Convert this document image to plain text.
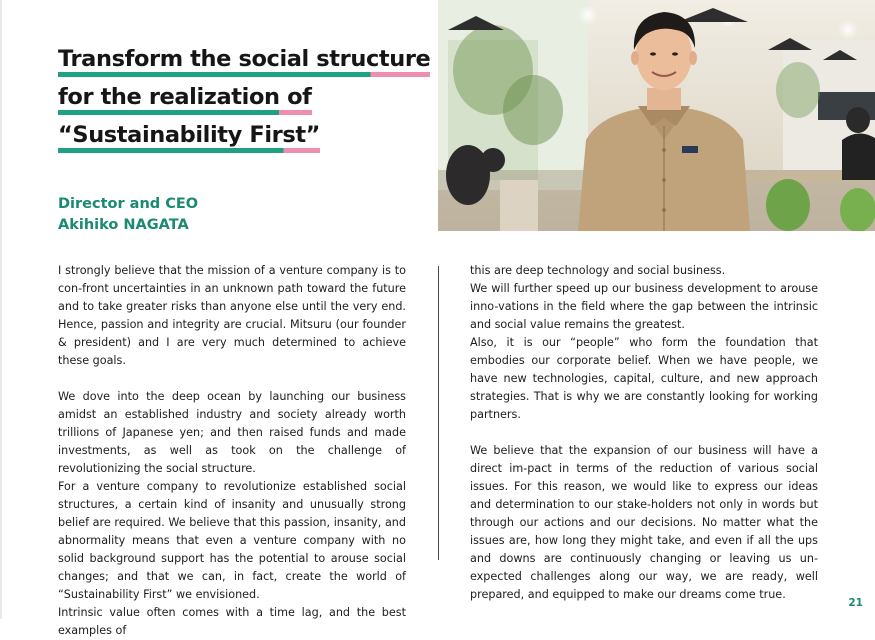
Transform the social structure
for the realization of
“Sustainability First”
Director and CEO
Akihiko NAGATA

I strongly believe that the mission of a venture company is to con-front uncertainties in an unknown path toward the future and to take greater risks than anyone else until the very end. Hence, passion and integrity are crucial. Mitsuru (our founder & president) and I are very much determined to achieve these goals.

We dove into the deep ocean by launching our business amidst an established industry and society already worth trillions of Japanese yen; and then raised funds and made investments, as well as took on the challenge of revolutionizing the social structure.

For a venture company to revolutionize established social structures, a certain kind of insanity and unusually strong belief are required. We believe that this passion, insanity, and abnormality means that even a venture company with no solid background support has the potential to arouse social changes; and that we can, in fact, create the world of “Sustainability First” we envisioned.

Intrinsic value often comes with a time lag, and the best examples of

this are deep technology and social business.

We will further speed up our business development to arouse inno-vations in the field where the gap between the intrinsic and social value remains the greatest.

Also, it is our “people” who form the foundation that embodies our corporate belief. When we have people, we have new technologies, capital, culture, and new approach strategies. That is why we are constantly looking for working partners.

We believe that the expansion of our business will have a direct im-pact in terms of the reduction of various social issues. For this reason, we would like to express our ideas and determination to our stake-holders not only in words but through our actions and our decisions. No matter what the issues are, how long they might take, and even if all the ups and downs are continuously changing or leaving us un-expected challenges along our way, we are ready, well prepared, and equipped to make our dreams come true.

21
